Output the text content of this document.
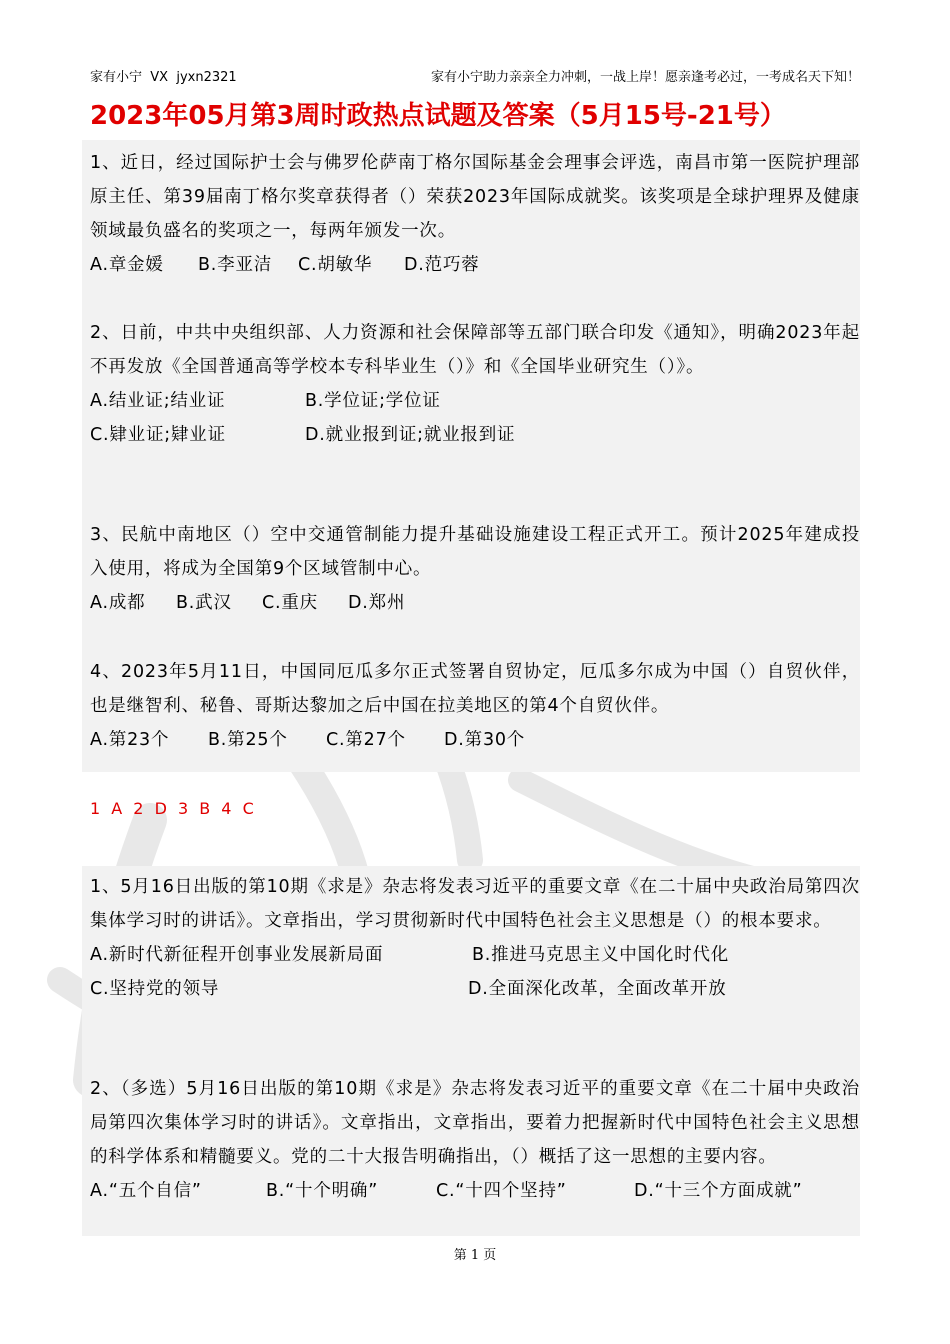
家有小宁  VX  jyxn2321	家有小宁助力亲亲全力冲刺，一战上岸！愿亲逢考必过，一考成名天下知！
2023年05月第3周时政热点试题及答案（5月15号-21号）

1、近日，经过国际护士会与佛罗伦萨南丁格尔国际基金会理事会评选，南昌市第一医院护理部原主任、第39届南丁格尔奖章获得者（）荣获2023年国际成就奖。该奖项是全球护理界及健康领域最负盛名的奖项之一，每两年颁发一次。

A.章金媛	B.李亚洁	C.胡敏华	D.范巧蓉

2、日前，中共中央组织部、人力资源和社会保障部等五部门联合印发《通知》，明确2023年起不再发放《全国普通高等学校本专科毕业生（）》和《全国毕业研究生（）》。

A.结业证;结业证	B.学位证;学位证
C.肄业证;肄业证	D.就业报到证;就业报到证

3、民航中南地区（）空中交通管制能力提升基础设施建设工程正式开工。预计2025年建成投入使用，将成为全国第9个区域管制中心。

A.成都	B.武汉	C.重庆	D.郑州

4、2023年5月11日，中国同厄瓜多尔正式签署自贸协定，厄瓜多尔成为中国（）自贸伙伴，也是继智利、秘鲁、哥斯达黎加之后中国在拉美地区的第4个自贸伙伴。

A.第23个	B.第25个	C.第27个	D.第30个
1 A 2 D 3 B 4 C

1、5月16日出版的第10期《求是》杂志将发表习近平的重要文章《在二十届中央政治局第四次集体学习时的讲话》。文章指出，学习贯彻新时代中国特色社会主义思想是（）的根本要求。

A.新时代新征程开创事业发展新局面	B.推进马克思主义中国化时代化
C.坚持党的领导	D.全面深化改革，全面改革开放

2、（多选）5月16日出版的第10期《求是》杂志将发表习近平的重要文章《在二十届中央政治局第四次集体学习时的讲话》。文章指出，文章指出，要着力把握新时代中国特色社会主义思想的科学体系和精髓要义。党的二十大报告明确指出，（）概括了这一思想的主要内容。

A.“五个自信”	B.“十个明确”	C.“十四个坚持”	D.“十三个方面成就”
第 1 页
